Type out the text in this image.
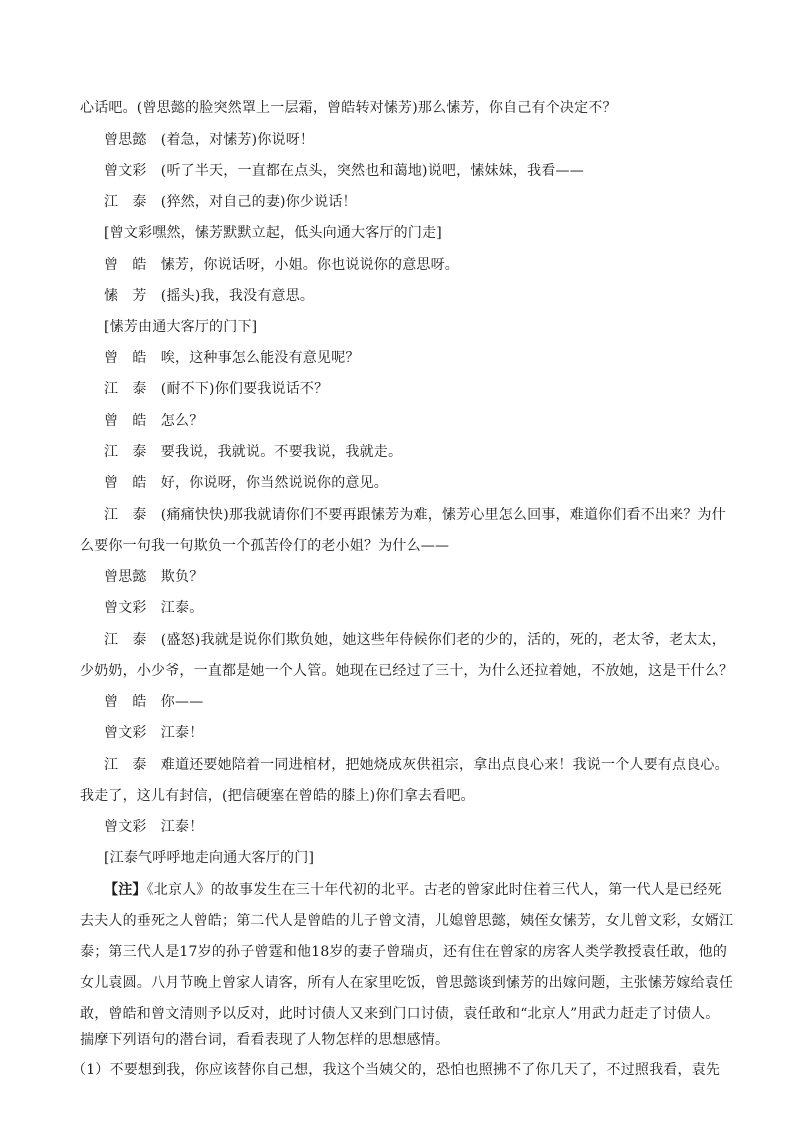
心话吧。(曾思懿的脸突然罩上一层霜，曾皓转对愫芳)那么愫芳，你自己有个决定不？
曾思懿　(着急，对愫芳)你说呀！
曾文彩　(听了半天，一直都在点头，突然也和蔼地)说吧，愫妹妹，我看——
江　泰　(猝然，对自己的妻)你少说话！
[曾文彩嘿然，愫芳默默立起，低头向通大客厅的门走]
曾　皓　愫芳，你说话呀，小姐。你也说说你的意思呀。
愫　芳　(摇头)我，我没有意思。
[愫芳由通大客厅的门下]
曾　皓　唉，这种事怎么能没有意见呢？
江　泰　(耐不下)你们要我说话不？
曾　皓　怎么？
江　泰　要我说，我就说。不要我说，我就走。
曾　皓　好，你说呀，你当然说说你的意见。
江　泰　(痛痛快快)那我就请你们不要再跟愫芳为难，愫芳心里怎么回事，难道你们看不出来？为什
么要你一句我一句欺负一个孤苦伶仃的老小姐？为什么——
曾思懿　欺负？
曾文彩　江泰。
江　泰　(盛怒)我就是说你们欺负她，她这些年侍候你们老的少的，活的，死的，老太爷，老太太，
少奶奶，小少爷，一直都是她一个人管。她现在已经过了三十，为什么还拉着她，不放她，这是干什么？
曾　皓　你——
曾文彩　江泰！
江　泰　难道还要她陪着一同进棺材，把她烧成灰供祖宗，拿出点良心来！我说一个人要有点良心。
我走了，这儿有封信，(把信硬塞在曾皓的膝上)你们拿去看吧。
曾文彩　江泰！
[江泰气呼呼地走向通大客厅的门]
【注】《北京人》的故事发生在三十年代初的北平。古老的曾家此时住着三代人，第一代人是已经死
去夫人的垂死之人曾皓；第二代人是曾皓的儿子曾文清，儿媳曾思懿，姨侄女愫芳，女儿曾文彩，女婿江
泰；第三代人是17岁的孙子曾霆和他18岁的妻子曾瑞贞，还有住在曾家的房客人类学教授袁任敢，他的
女儿袁圆。八月节晚上曾家人请客，所有人在家里吃饭，曾思懿谈到愫芳的出嫁问题，主张愫芳嫁给袁任
敢，曾皓和曾文清则予以反对，此时讨债人又来到门口讨债，袁任敢和“北京人”用武力赶走了讨债人。
揣摩下列语句的潜台词，看看表现了人物怎样的思想感情。
（1）不要想到我，你应该替你自己想，我这个当姨父的，恐怕也照拂不了你几天了，不过照我看，袁先
